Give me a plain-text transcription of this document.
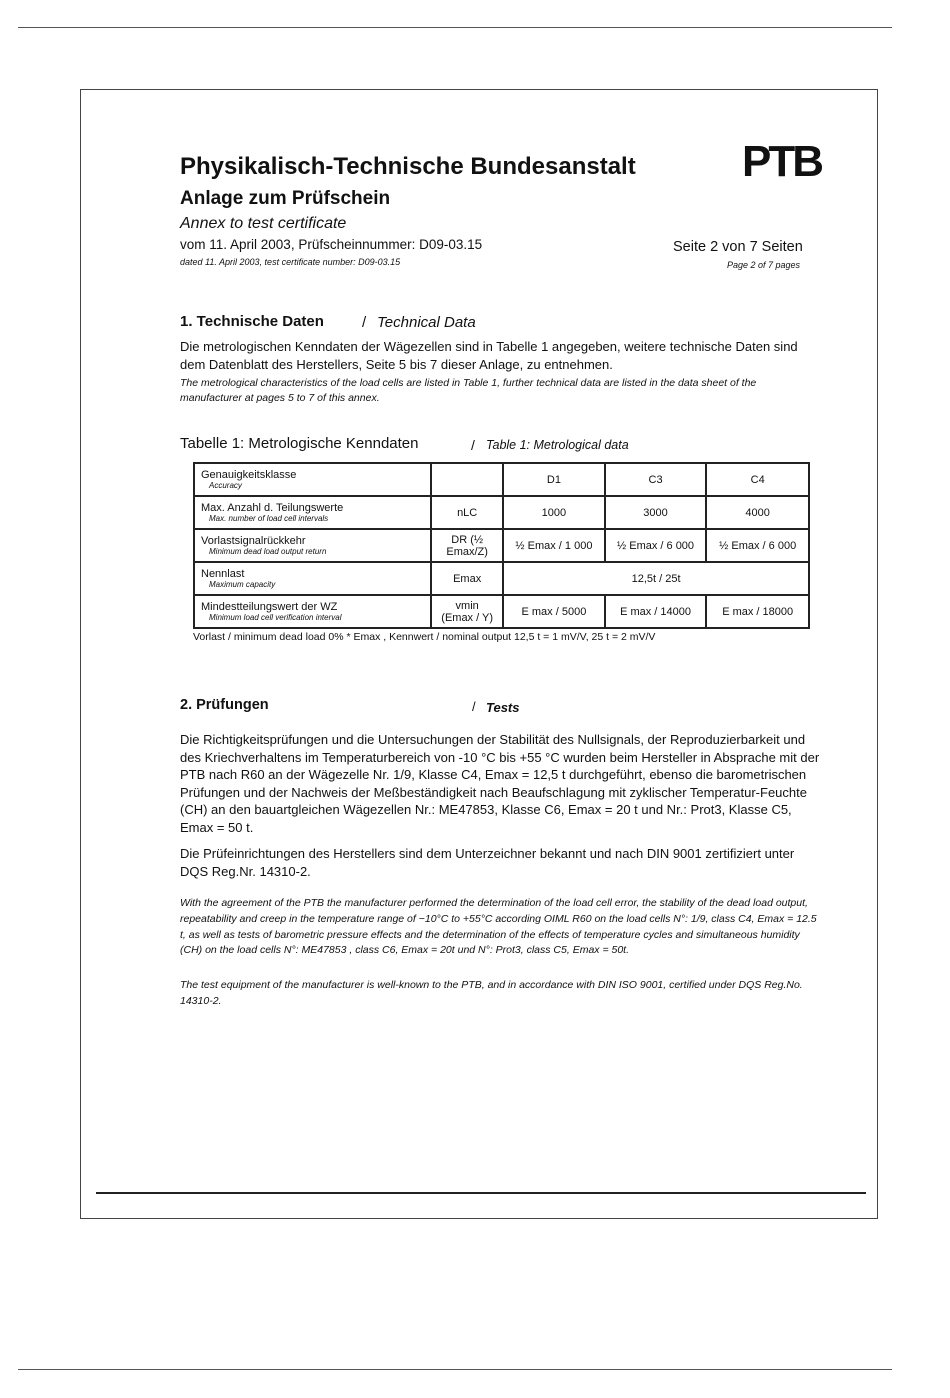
Physikalisch-Technische Bundesanstalt PTB
Anlage zum Prüfschein
Annex to test certificate
vom 11. April 2003, Prüfscheinnummer: D09-03.15
dated 11. April 2003, test certificate number: D09-03.15
Seite 2 von 7 Seiten
Page 2 of 7 pages
1. Technische Daten	/ Technical Data
Die metrologischen Kenndaten der Wägezellen sind in Tabelle 1 angegeben, weitere technische Daten sind dem Datenblatt des Herstellers, Seite 5 bis 7 dieser Anlage, zu entnehmen.
The metrological characteristics of the load cells are listed in Table 1, further technical data are listed in the data sheet of the manufacturer at pages 5 to 7 of this annex.
Tabelle 1: Metrologische Kenndaten	/ Table 1: Metrological data
Genauigkeitsklasse
Accuracy		D1	C3	C4

Max. Anzahl d. Teilungswerte
Max. number of load cell intervals	nLC	1000	3000	4000

Vorlastsignalrückkehr
Minimum dead load output return	DR (½ Emax/Z)	½ Emax / 1 000	½ Emax / 6 000	½ Emax / 6 000

Nennlast
Maximum capacity	Emax	12,5t / 25t		

Mindestteilungswert der WZ
Minimum load cell verification interval	vmin (Emax / Y)	E max / 5000	E max / 14000	E max / 18000
Vorlast / minimum dead load 0% * Emax , Kennwert / nominal output 12,5 t = 1 mV/V, 25 t = 2 mV/V
2. Prüfungen	/ Tests
Die Richtigkeitsprüfungen und die Untersuchungen der Stabilität des Nullsignals, der Reproduzierbarkeit und des Kriechverhaltens im Temperaturbereich von -10 °C bis +55 °C wurden beim Hersteller in Absprache mit der PTB nach R60 an der Wägezelle Nr. 1/9, Klasse C4, Emax = 12,5 t durchgeführt, ebenso die barometrischen Prüfungen und der Nachweis der Meßbeständigkeit nach Beaufschlagung mit zyklischer Temperatur-Feuchte (CH) an den bauartgleichen Wägezellen Nr.: ME47853, Klasse C6, Emax = 20 t und Nr.: Prot3, Klasse C5, Emax = 50 t.
Die Prüfeinrichtungen des Herstellers sind dem Unterzeichner bekannt und nach DIN 9001 zertifiziert unter DQS Reg.Nr. 14310-2.
With the agreement of the PTB the manufacturer performed the determination of the load cell error, the stability of the dead load output, repeatability and creep in the temperature range of −10°C to +55°C according OIML R60 on the load cells N°: 1/9, class C4, Emax = 12.5 t, as well as tests of barometric pressure effects and the determination of the effects of temperature cycles and simultaneous humidity (CH) on the load cells N°: ME47853 , class C6, Emax = 20t und N°: Prot3, class C5, Emax = 50t.
The test equipment of the manufacturer is well-known to the PTB, and in accordance with DIN ISO 9001, certified under DQS Reg.No. 14310-2.
